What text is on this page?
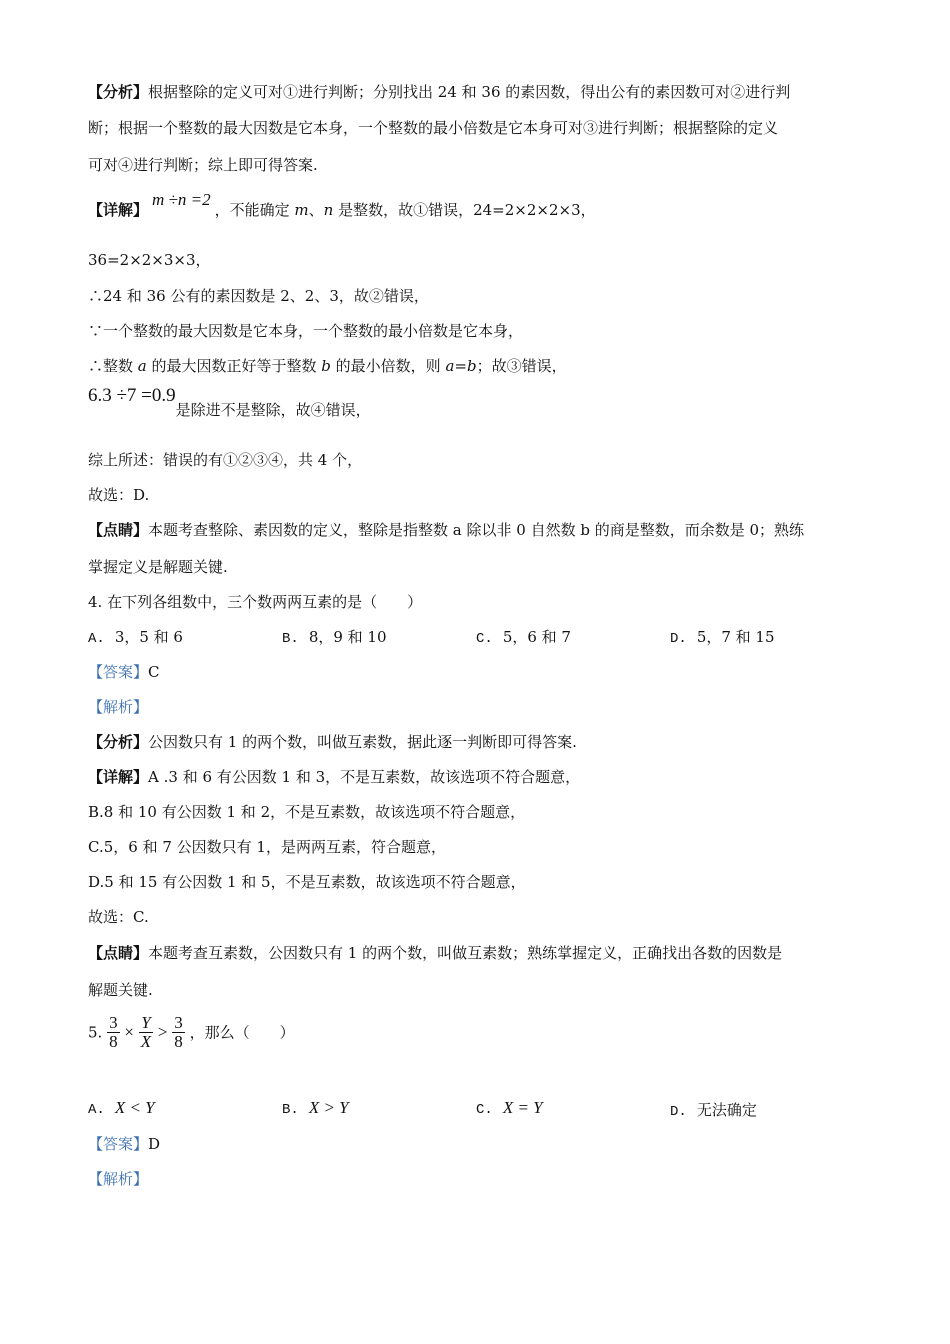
【分析】根据整除的定义可对①进行判断；分别找出 24 和 36 的素因数，得出公有的素因数可对②进行判
断；根据一个整数的最大因数是它本身，一个整数的最小倍数是它本身可对③进行判断；根据整除的定义
可对④进行判断；综上即可得答案.
【详解】m ÷n =2，不能确定 m、n 是整数，故①错误，24=2×2×2×3，
36=2×2×3×3，
∴24 和 36 公有的素因数是 2、2、3，故②错误，
∵一个整数的最大因数是它本身，一个整数的最小倍数是它本身，
∴整数 a 的最大因数正好等于整数 b 的最小倍数，则 a=b；故③错误，
6.3 ÷7 =0.9是除进不是整除，故④错误，
综上所述：错误的有①②③④，共 4 个，
故选：D.
【点睛】本题考查整除、素因数的定义，整除是指整数 a 除以非 0 自然数 b 的商是整数，而余数是 0；熟练
掌握定义是解题关键.
4. 在下列各组数中，三个数两两互素的是（　　）
A. 3，5 和 6	B. 8，9 和 10	C. 5，6 和 7	D. 5，7 和 15
【答案】C
【解析】
【分析】公因数只有 1 的两个数，叫做互素数，据此逐一判断即可得答案.
【详解】A .3 和 6 有公因数 1 和 3，不是互素数，故该选项不符合题意，
B.8 和 10 有公因数 1 和 2，不是互素数，故该选项不符合题意，
C.5，6 和 7 公因数只有 1，是两两互素，符合题意，
D.5 和 15 有公因数 1 和 5，不是互素数，故该选项不符合题意，
故选：C.
【点睛】本题考查互素数，公因数只有 1 的两个数，叫做互素数；熟练掌握定义，正确找出各数的因数是
解题关键.
5. $\frac{3}{8} \times \frac{Y}{X} > \frac{3}{8}$ ，那么（　　）
A. X < Y	B. X > Y	C. X = Y	D. 无法确定
【答案】D
【解析】
